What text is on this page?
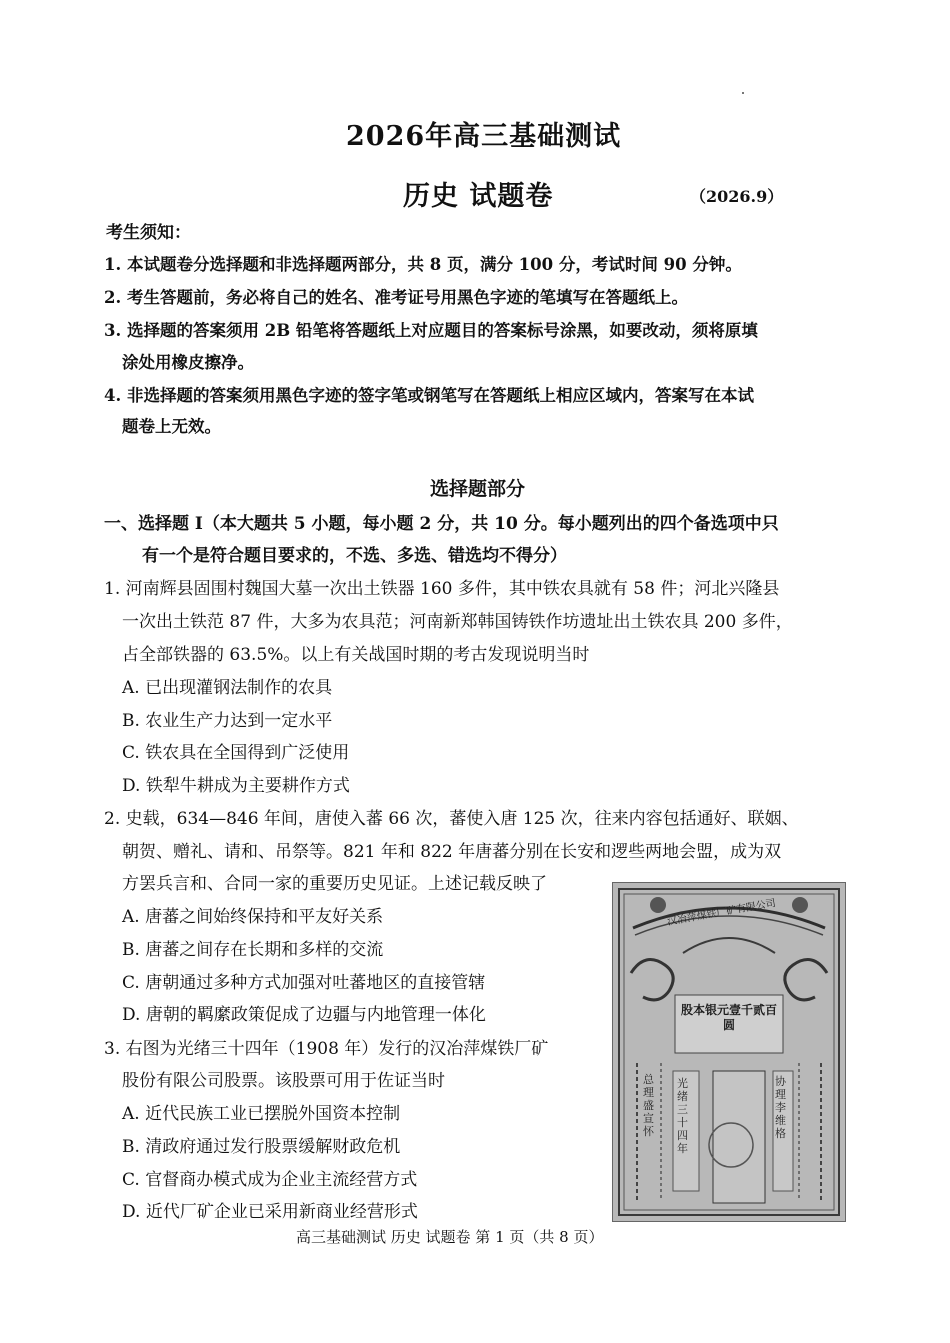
2026年高三基础测试
历史 试题卷	（2026.9）
考生须知：
1. 本试题卷分选择题和非选择题两部分，共 8 页，满分 100 分，考试时间 90 分钟。
2. 考生答题前，务必将自己的姓名、准考证号用黑色字迹的笔填写在答题纸上。
3. 选择题的答案须用 2B 铅笔将答题纸上对应题目的答案标号涂黑，如要改动，须将原填
涂处用橡皮擦净。
4. 非选择题的答案须用黑色字迹的签字笔或钢笔写在答题纸上相应区域内，答案写在本试
题卷上无效。
选择题部分
一、选择题 Ⅰ（本大题共 5 小题，每小题 2 分，共 10 分。每小题列出的四个备选项中只
有一个是符合题目要求的，不选、多选、错选均不得分）
1. 河南辉县固围村魏国大墓一次出土铁器 160 多件，其中铁农具就有 58 件；河北兴隆县
一次出土铁范 87 件，大多为农具范；河南新郑韩国铸铁作坊遗址出土铁农具 200 多件，
占全部铁器的 63.5%。以上有关战国时期的考古发现说明当时
A. 已出现灌钢法制作的农具
B. 农业生产力达到一定水平
C. 铁农具在全国得到广泛使用
D. 铁犁牛耕成为主要耕作方式
2. 史载，634—846 年间，唐使入蕃 66 次，蕃使入唐 125 次，往来内容包括通好、联姻、
朝贺、赠礼、请和、吊祭等。821 年和 822 年唐蕃分别在长安和逻些两地会盟，成为双
方罢兵言和、合同一家的重要历史见证。上述记载反映了
A. 唐蕃之间始终保持和平友好关系
B. 唐蕃之间存在长期和多样的交流
C. 唐朝通过多种方式加强对吐蕃地区的直接管辖
D. 唐朝的羁縻政策促成了边疆与内地管理一体化
3. 右图为光绪三十四年（1908 年）发行的汉冶萍煤铁厂矿
股份有限公司股票。该股票可用于佐证当时
A. 近代民族工业已摆脱外国资本控制
B. 清政府通过发行股票缓解财政危机
C. 官督商办模式成为企业主流经营方式
D. 近代厂矿企业已采用新商业经营形式
汉冶萍煤铁厂矿有限公司
股本银元壹千贰百圆
光绪三十四年
总理 盛宣怀
协理 李维格
高三基础测试 历史 试题卷 第 1 页（共 8 页）
